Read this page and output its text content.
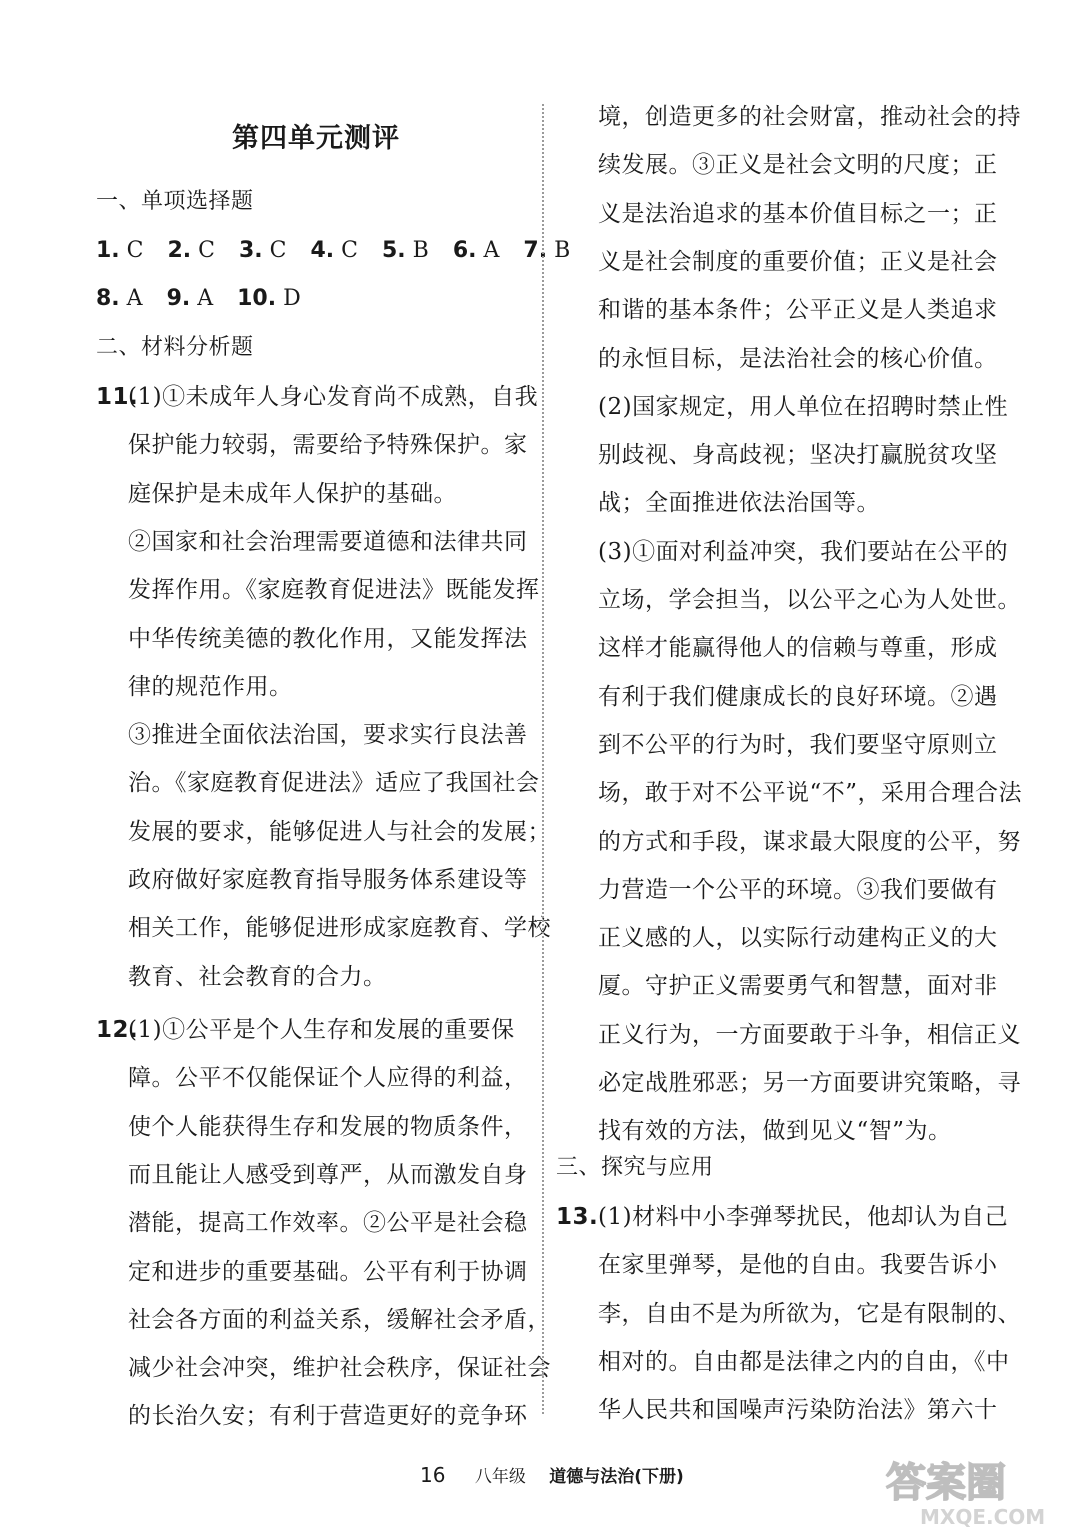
第四单元测评
一、单项选择题
1. C 2. C 3. C 4. C 5. B 6. A 7. B
8. A 9. A 10. D
二、材料分析题
11.
(1)①未成年人身心发育尚不成熟，自我
保护能力较弱，需要给予特殊保护。家
庭保护是未成年人保护的基础。
②国家和社会治理需要道德和法律共同
发挥作用。《家庭教育促进法》既能发挥
中华传统美德的教化作用，又能发挥法
律的规范作用。
③推进全面依法治国，要求实行良法善
治。《家庭教育促进法》适应了我国社会
发展的要求，能够促进人与社会的发展；
政府做好家庭教育指导服务体系建设等
相关工作，能够促进形成家庭教育、学校
教育、社会教育的合力。
12.
(1)①公平是个人生存和发展的重要保
障。公平不仅能保证个人应得的利益，
使个人能获得生存和发展的物质条件，
而且能让人感受到尊严，从而激发自身
潜能，提高工作效率。②公平是社会稳
定和进步的重要基础。公平有利于协调
社会各方面的利益关系，缓解社会矛盾，
减少社会冲突，维护社会秩序，保证社会
的长治久安；有利于营造更好的竞争环
境，创造更多的社会财富，推动社会的持
续发展。③正义是社会文明的尺度；正
义是法治追求的基本价值目标之一；正
义是社会制度的重要价值；正义是社会
和谐的基本条件；公平正义是人类追求
的永恒目标，是法治社会的核心价值。
(2)国家规定，用人单位在招聘时禁止性
别歧视、身高歧视；坚决打赢脱贫攻坚
战；全面推进依法治国等。
(3)①面对利益冲突，我们要站在公平的
立场，学会担当，以公平之心为人处世。
这样才能赢得他人的信赖与尊重，形成
有利于我们健康成长的良好环境。②遇
到不公平的行为时，我们要坚守原则立
场，敢于对不公平说“不”，采用合理合法
的方式和手段，谋求最大限度的公平，努
力营造一个公平的环境。③我们要做有
正义感的人，以实际行动建构正义的大
厦。守护正义需要勇气和智慧，面对非
正义行为，一方面要敢于斗争，相信正义
必定战胜邪恶；另一方面要讲究策略，寻
找有效的方法，做到见义“智”为。
三、探究与应用
13. (1)材料中小李弹琴扰民，他却认为自己
在家里弹琴，是他的自由。我要告诉小
李，自由不是为所欲为，它是有限制的、
相对的。自由都是法律之内的自由，《中
华人民共和国噪声污染防治法》第六十
16 八年级 道德与法治(下册)	答案圈
MXQE.COM
